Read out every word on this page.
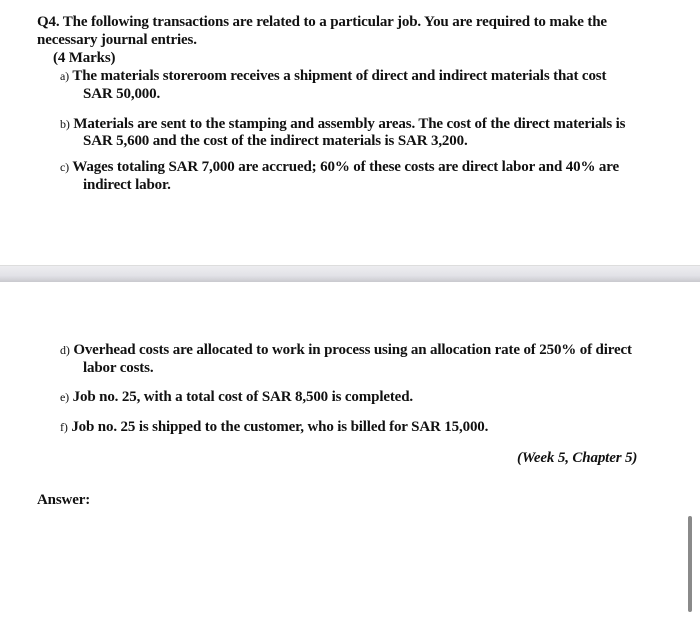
Q4. The following transactions are related to a particular job. You are required to make the
necessary journal entries.
(4 Marks)
a) The materials storeroom receives a shipment of direct and indirect materials that cost
SAR 50,000.
b) Materials are sent to the stamping and assembly areas. The cost of the direct materials is
SAR 5,600 and the cost of the indirect materials is SAR 3,200.
c) Wages totaling SAR 7,000 are accrued; 60% of these costs are direct labor and 40% are
indirect labor.
d) Overhead costs are allocated to work in process using an allocation rate of 250% of direct
labor costs.
e) Job no. 25, with a total cost of SAR 8,500 is completed.
f) Job no. 25 is shipped to the customer, who is billed for SAR 15,000.
(Week 5, Chapter 5)
Answer:
